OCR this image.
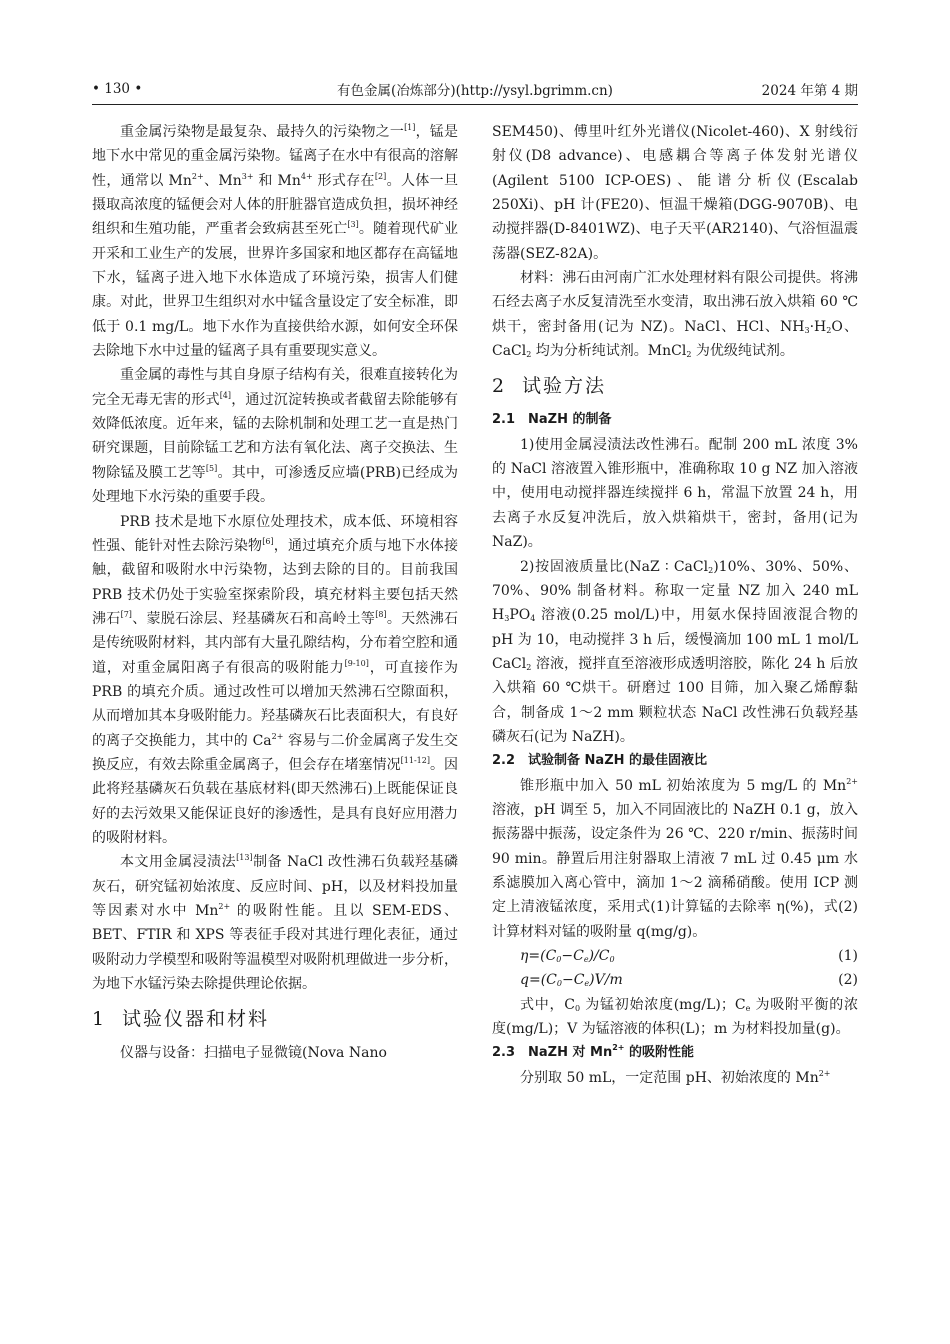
• 130 •	有色金属(冶炼部分)(http://ysyl.bgrimm.cn)	2024 年第 4 期

重金属污染物是最复杂、最持久的污染物之一[1]，锰是地下水中常见的重金属污染物。锰离子在水中有很高的溶解性，通常以 $Mn^{2+}$、$Mn^{3+}$ 和 $Mn^{4+}$ 形式存在[2]。人体一旦摄取高浓度的锰便会对人体的肝脏器官造成负担，损坏神经组织和生殖功能，严重者会致病甚至死亡[3]。随着现代矿业开采和工业生产的发展，世界许多国家和地区都存在高锰地下水，锰离子进入地下水体造成了环境污染，损害人们健康。对此，世界卫生组织对水中锰含量设定了安全标准，即低于 0.1 mg/L。地下水作为直接供给水源，如何安全环保去除地下水中过量的锰离子具有重要现实意义。

重金属的毒性与其自身原子结构有关，很难直接转化为完全无毒无害的形式[4]，通过沉淀转换或者截留去除能够有效降低浓度。近年来，锰的去除机制和处理工艺一直是热门研究课题，目前除锰工艺和方法有氧化法、离子交换法、生物除锰及膜工艺等[5]。其中，可渗透反应墙(PRB)已经成为处理地下水污染的重要手段。

PRB 技术是地下水原位处理技术，成本低、环境相容性强、能针对性去除污染物[6]，通过填充介质与地下水体接触，截留和吸附水中污染物，达到去除的目的。目前我国 PRB 技术仍处于实验室探索阶段，填充材料主要包括天然沸石[7]、蒙脱石涂层、羟基磷灰石和高岭土等[8]。天然沸石是传统吸附材料，其内部有大量孔隙结构，分布着空腔和通道，对重金属阳离子有很高的吸附能力[9-10]，可直接作为 PRB 的填充介质。通过改性可以增加天然沸石空隙面积，从而增加其本身吸附能力。羟基磷灰石比表面积大，有良好的离子交换能力，其中的 $Ca^{2+}$ 容易与二价金属离子发生交换反应，有效去除重金属离子，但会存在堵塞情况[11-12]。因此将羟基磷灰石负载在基底材料(即天然沸石)上既能保证良好的去污效果又能保证良好的渗透性，是具有良好应用潜力的吸附材料。

本文用金属浸渍法[13]制备 NaCl 改性沸石负载羟基磷灰石，研究锰初始浓度、反应时间、pH，以及材料投加量等因素对水中 $Mn^{2+}$ 的吸附性能。且以 SEM-EDS、BET、FTIR 和 XPS 等表征手段对其进行理化表征，通过吸附动力学模型和吸附等温模型对吸附机理做进一步分析，为地下水锰污染去除提供理论依据。

1 试验仪器和材料

仪器与设备：扫描电子显微镜(Nova Nano

SEM450)、傅里叶红外光谱仪(Nicolet-460)、X 射线衍射仪(D8 advance)、电感耦合等离子体发射光谱仪(Agilent 5100 ICP-OES)、能谱分析仪(Escalab 250Xi)、pH 计(FE20)、恒温干燥箱(DGG-9070B)、电动搅拌器(D-8401WZ)、电子天平(AR2140)、气浴恒温震荡器(SEZ-82A)。

材料：沸石由河南广汇水处理材料有限公司提供。将沸石经去离子水反复清洗至水变清，取出沸石放入烘箱 60 ℃烘干，密封备用(记为 NZ)。NaCl、HCl、$NH_3\cdot H_2O$、CaCl$_2$ 均为分析纯试剂。MnCl$_2$ 为优级纯试剂。

2 试验方法
2.1　NaZH 的制备

1)使用金属浸渍法改性沸石。配制 200 mL 浓度 3% 的 NaCl 溶液置入锥形瓶中，准确称取 10 g NZ 加入溶液中，使用电动搅拌器连续搅拌 6 h，常温下放置 24 h，用去离子水反复冲洗后，放入烘箱烘干，密封，备用(记为 NaZ)。

2)按固液质量比(NaZ ∶ CaCl$_2$)10%、30%、50%、70%、90% 制备材料。称取一定量 NZ 加入 240 mL $H_3PO_4$ 溶液(0.25 mol/L)中，用氨水保持固液混合物的 pH 为 10，电动搅拌 3 h 后，缓慢滴加 100 mL 1 mol/L CaCl$_2$ 溶液，搅拌直至溶液形成透明溶胶，陈化 24 h 后放入烘箱 60 ℃烘干。研磨过 100 目筛，加入聚乙烯醇黏合，制备成 1～2 mm 颗粒状态 NaCl 改性沸石负载羟基磷灰石(记为 NaZH)。

2.2　试验制备 NaZH 的最佳固液比

锥形瓶中加入 50 mL 初始浓度为 5 mg/L 的 $Mn^{2+}$ 溶液，pH 调至 5，加入不同固液比的 NaZH 0.1 g，放入振荡器中振荡，设定条件为 26 ℃、220 r/min、振荡时间 90 min。静置后用注射器取上清液 7 mL 过 0.45 μm 水系滤膜加入离心管中，滴加 1～2 滴稀硝酸。使用 ICP 测定上清液锰浓度，采用式(1)计算锰的去除率 η(%)，式(2)计算材料对锰的吸附量 q(mg/g)。

$\eta=(C_0-C_e)/C_0$	(1)
$q=(C_0-C_e)V/m$	(2)

式中，$C_0$ 为锰初始浓度(mg/L)；$C_e$ 为吸附平衡的浓度(mg/L)；V 为锰溶液的体积(L)；m 为材料投加量(g)。

2.3　NaZH 对 $Mn^{2+}$ 的吸附性能

分别取 50 mL，一定范围 pH、初始浓度的 $Mn^{2+}$
